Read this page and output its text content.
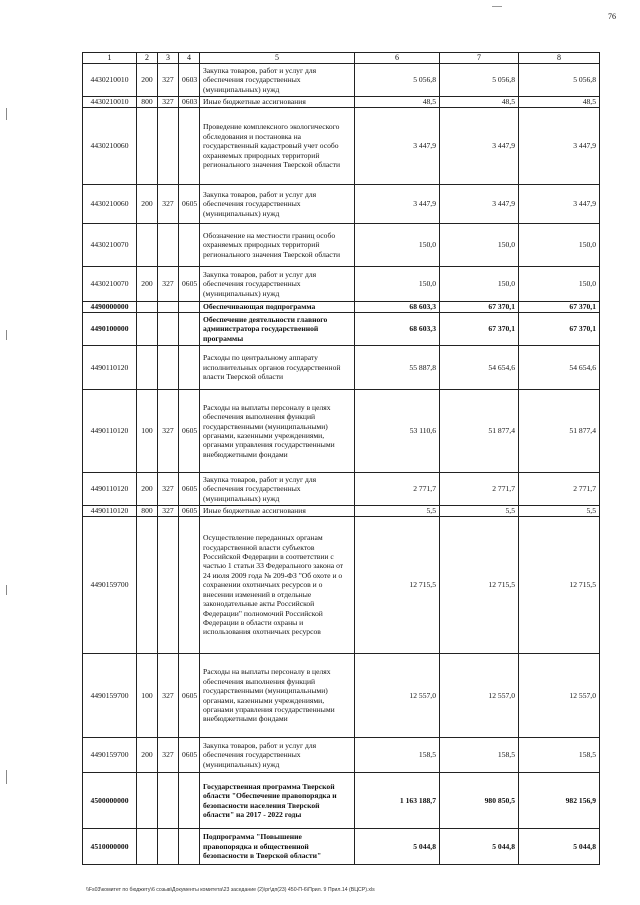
76
1	2	3	4	5	6	7	8
4430210010	200	327	0603	Закупка товаров, работ и услуг для обеспечения государственных (муниципальных) нужд	5 056,8	5 056,8	5 056,8
4430210010	800	327	0603	Иные бюджетные ассигнования	48,5	48,5	48,5
4430210060				Проведение комплексного экологического обследования и постановка на государственный кадастровый учет особо охраняемых природных территорий регионального значения Тверской области	3 447,9	3 447,9	3 447,9
4430210060	200	327	0605	Закупка товаров, работ и услуг для обеспечения государственных (муниципальных) нужд	3 447,9	3 447,9	3 447,9
4430210070				Обозначение на местности границ особо охраняемых природных территорий регионального значения Тверской области	150,0	150,0	150,0
4430210070	200	327	0605	Закупка товаров, работ и услуг для обеспечения государственных (муниципальных) нужд	150,0	150,0	150,0
4490000000				Обеспечивающая подпрограмма	68 603,3	67 370,1	67 370,1
4490100000				Обеспечение деятельности главного администратора государственной программы	68 603,3	67 370,1	67 370,1
4490110120				Расходы по центральному аппарату исполнительных органов государственной власти Тверской области	55 887,8	54 654,6	54 654,6
4490110120	100	327	0605	Расходы на выплаты персоналу в целях обеспечения выполнения функций государственными (муниципальными) органами, казенными учреждениями, органами управления государственными внебюджетными фондами	53 110,6	51 877,4	51 877,4
4490110120	200	327	0605	Закупка товаров, работ и услуг для обеспечения государственных (муниципальных) нужд	2 771,7	2 771,7	2 771,7
4490110120	800	327	0605	Иные бюджетные ассигнования	5,5	5,5	5,5
4490159700				Осуществление переданных органам государственной власти субъектов Российской Федерации в соответствии с частью 1 статьи 33 Федерального закона от 24 июля 2009 года № 209-ФЗ "Об охоте и о сохранении охотничьих ресурсов и о внесении изменений в отдельные законодательные акты Российской Федерации" полномочий Российской Федерации в области охраны и использования охотничьих ресурсов	12 715,5	12 715,5	12 715,5
4490159700	100	327	0605	Расходы на выплаты персоналу в целях обеспечения выполнения функций государственными (муниципальными) органами, казенными учреждениями, органами управления государственными внебюджетными фондами	12 557,0	12 557,0	12 557,0
4490159700	200	327	0605	Закупка товаров, работ и услуг для обеспечения государственных (муниципальных) нужд	158,5	158,5	158,5
4500000000				Государственная программа Тверской области "Обеспечение правопорядка и безопасности населения Тверской области" на 2017 - 2022 годы	1 163 188,7	980 850,5	982 156,9
4510000000				Подпрограмма "Повышение правопорядка и общественной безопасности в Тверской области"	5 044,8	5 044,8	5 044,8
\\Fs03\комитет по бюджету\6 созыв\Документы комитета\23 заседание (2)\рг\дп(23) 450-П-6\Прил. 9 Прил.14 (ВЦСР).xls
